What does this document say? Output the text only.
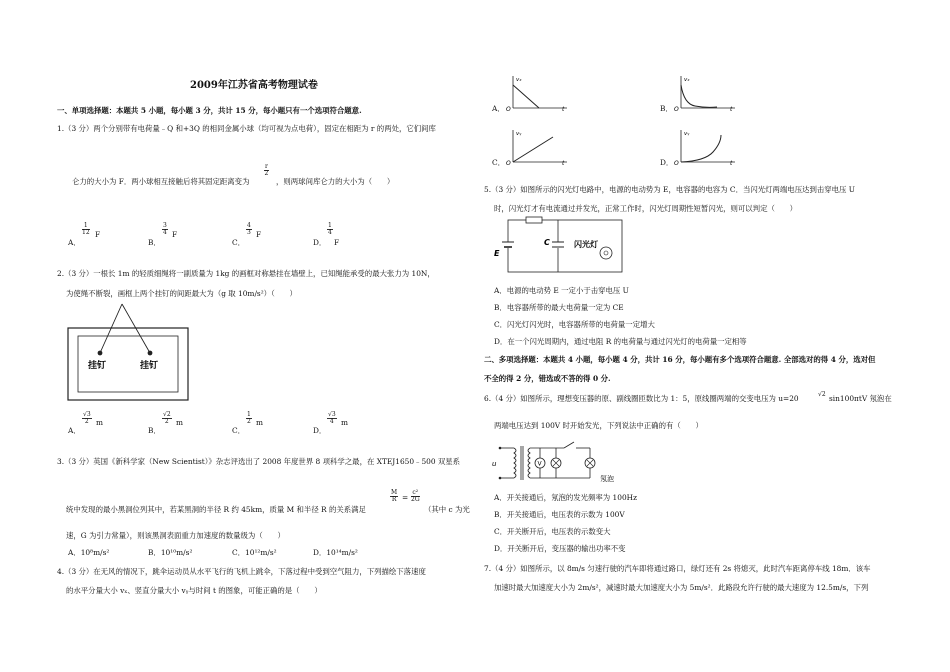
2009年江苏省高考物理试卷
一、单项选择题：本题共 5 小题，每小题 3 分，共计 15 分，每小题只有一个选项符合题意.
1.（3 分）两个分别带有电荷量﹣Q 和+3Q 的相同金属小球（均可视为点电荷），固定在相距为 r 的两处，它们间库
仑力的大小为 F．两小球相互接触后将其固定距离变为
$\frac{r}{2}$
，则两球间库仑力的大小为（　　）
A．
$\frac{1}{12}$ F
B．
$\frac{3}{4}$ F
C．
$\frac{4}{3}$ F
D．
$\frac{1}{4}$
F
2.（3 分）一根长 1m 的轻质细绳将一副质量为 1kg 的画框对称悬挂在墙壁上，已知绳能承受的最大张力为 10N，
为使绳不断裂，画框上两个挂钉的间距最大为（g 取 10m/s²）（　　）
挂钉	挂钉
A．
$\frac{√3}{2}$ m
B．
$\frac{√2}{2}$ m
C．
$\frac{1}{2}$ m
D．
$\frac{√3}{4}$ m
3.（3 分）英国《新科学家（New Scientist）》杂志评选出了 2008 年度世界 8 项科学之最，在 XTEJ1650﹣500 双星系
统中发现的最小黑洞位列其中，若某黑洞的半径 R 约 45km，质量 M 和半径 R 的关系满足
$\frac{M}{R} = \frac{\text{c²}}{2G}$
（其中 c 为光
速，G 为引力常量），则该黑洞表面重力加速度的数量级为（　　）
A．10⁸m/s²	B．10¹⁰m/s²	C．10¹²m/s²	D．10¹⁴m/s²
4.（3 分）在无风的情况下，跳伞运动员从水平飞行的飞机上跳伞，下落过程中受到空气阻力，下列描绘下落速度
的水平分量大小 vₓ、竖直分量大小 vᵧ与时间 t 的图象，可能正确的是（　　）
A．
vₓ
O	t	B．
vₓ
O	t
C．
vᵧ
O	t	D．
vᵧ
O	t
5.（3 分）如图所示的闪光灯电路中，电源的电动势为 E，电容器的电容为 C．当闪光灯两端电压达到击穿电压 U
时，闪光灯才有电流通过并发光，正常工作时，闪光灯周期性短暂闪光，则可以判定（　　）
E
C	闪光灯
A．电源的电动势 E 一定小于击穿电压 U
B．电容器所带的最大电荷量一定为 CE
C．闪光灯闪光时，电容器所带的电荷量一定增大
D．在一个闪光周期内，通过电阻 R 的电荷量与通过闪光灯的电荷量一定相等
二、多项选择题：本题共 4 小题，每小题 4 分，共计 16 分，每小题有多个选项符合题意. 全部选对的得 4 分，选对但
不全的得 2 分，错选或不答的得 0 分.
6.（4 分）如图所示，理想变压器的原、副线圈匝数比为 1：5，原线圈两端的交变电压为 u=20	√2 sin100πtV 氖泡在
两端电压达到 100V 时开始发光，下列说法中正确的有（　　）
V
u
氖泡
A．开关接通后，氖泡的发光频率为 100Hz
B．开关接通后，电压表的示数为 100V
C．开关断开后，电压表的示数变大
D．开关断开后，变压器的输出功率不变
7.（4 分）如图所示，以 8m/s 匀速行驶的汽车即将通过路口，绿灯还有 2s 将熄灭，此时汽车距离停车线 18m．该车
加速时最大加速度大小为 2m/s²，减速时最大加速度大小为 5m/s²．此路段允许行驶的最大速度为 12.5m/s，下列
